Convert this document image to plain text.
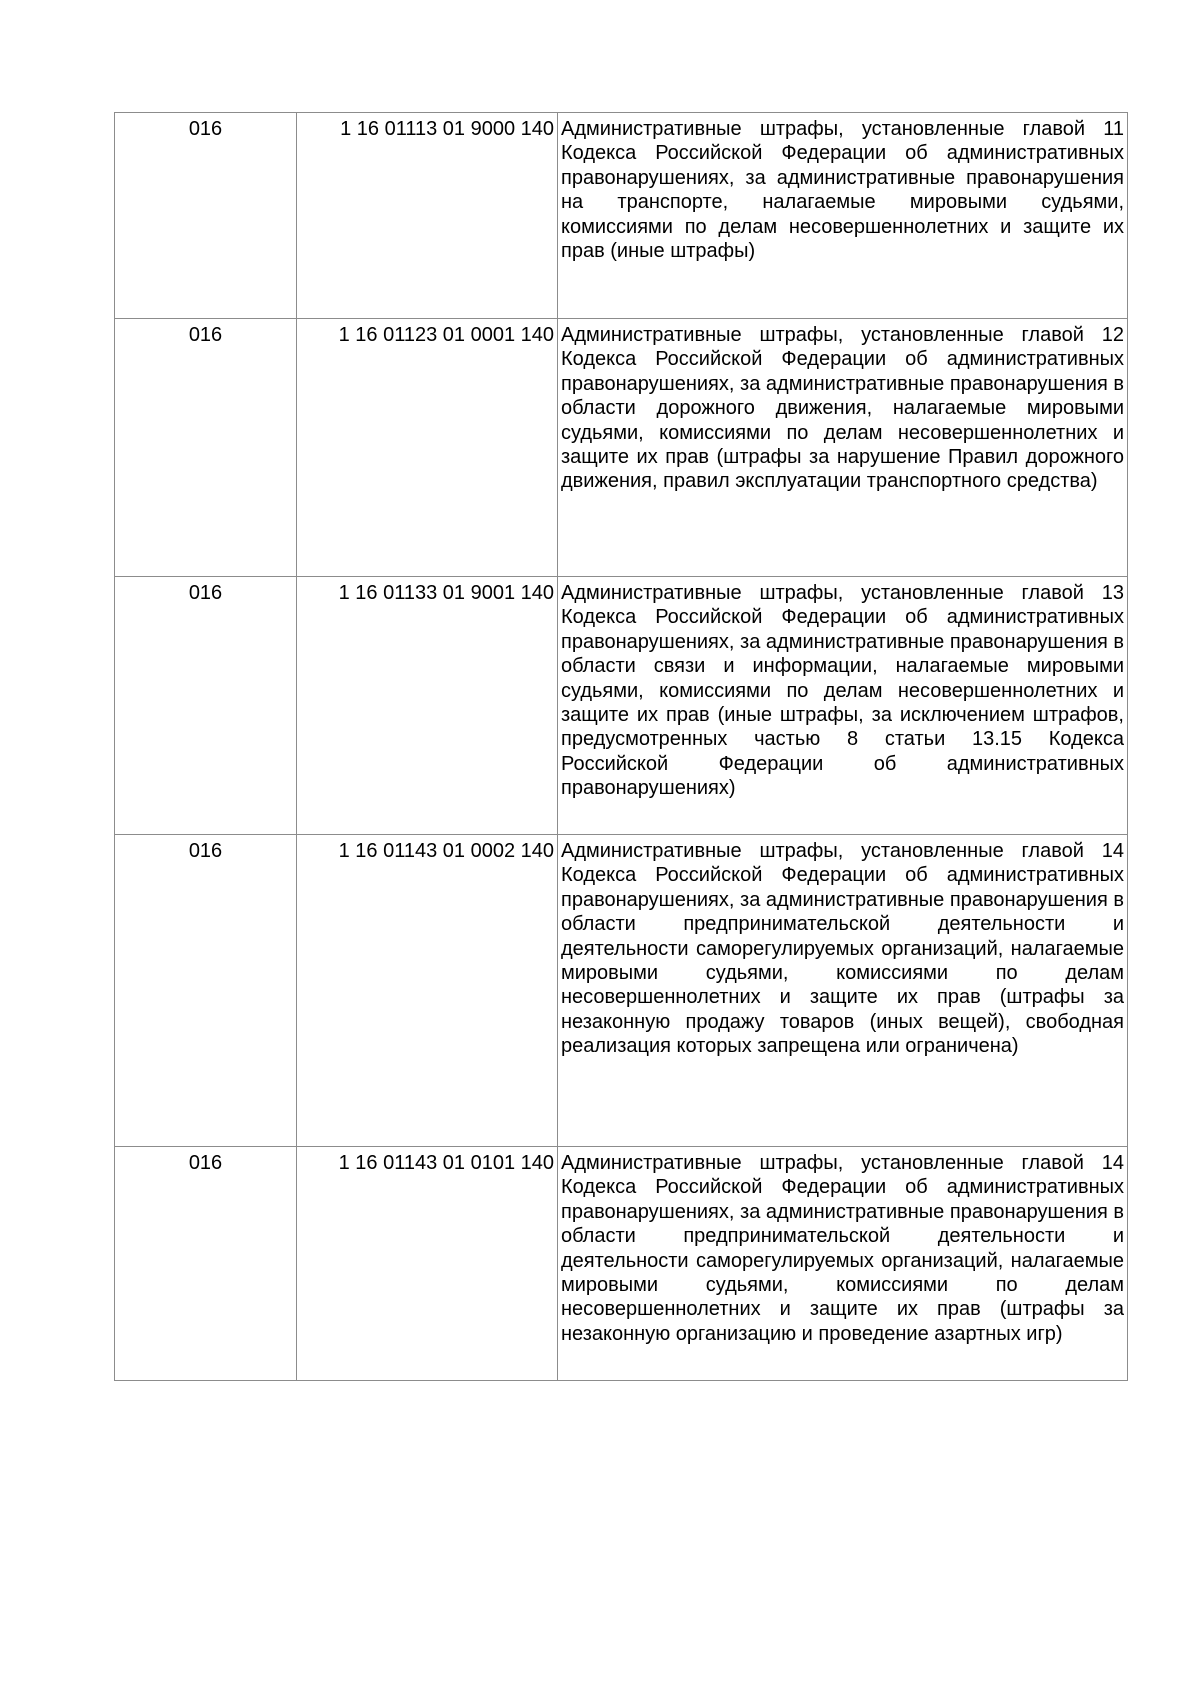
016	1 16 01113 01 9000 140	Административные штрафы, установленные главой 11 Кодекса Российской Федерации об административных правонарушениях, за административные правонарушения на транспорте, налагаемые мировыми судьями, комиссиями по делам несовершеннолетних и защите их прав (иные штрафы)
016	1 16 01123 01 0001 140	Административные штрафы, установленные главой 12 Кодекса Российской Федерации об административных правонарушениях, за административные правонарушения в области дорожного движения, налагаемые мировыми судьями, комиссиями по делам несовершеннолетних и защите их прав (штрафы за нарушение Правил дорожного движения, правил эксплуатации транспортного средства)
016	1 16 01133 01 9001 140	Административные штрафы, установленные главой 13 Кодекса Российской Федерации об административных правонарушениях, за административные правонарушения в области связи и информации, налагаемые мировыми судьями, комиссиями по делам несовершеннолетних и защите их прав (иные штрафы, за исключением штрафов, предусмотренных частью 8 статьи 13.15 Кодекса Российской Федерации об административных правонарушениях)
016	1 16 01143 01 0002 140	Административные штрафы, установленные главой 14 Кодекса Российской Федерации об административных правонарушениях, за административные правонарушения в области предпринимательской деятельности и деятельности саморегулируемых организаций, налагаемые мировыми судьями, комиссиями по делам несовершеннолетних и защите их прав (штрафы за незаконную продажу товаров (иных вещей), свободная реализация которых запрещена или ограничена)
016	1 16 01143 01 0101 140	Административные штрафы, установленные главой 14 Кодекса Российской Федерации об административных правонарушениях, за административные правонарушения в области предпринимательской деятельности и деятельности саморегулируемых организаций, налагаемые мировыми судьями, комиссиями по делам несовершеннолетних и защите их прав (штрафы за незаконную организацию и проведение азартных игр)
